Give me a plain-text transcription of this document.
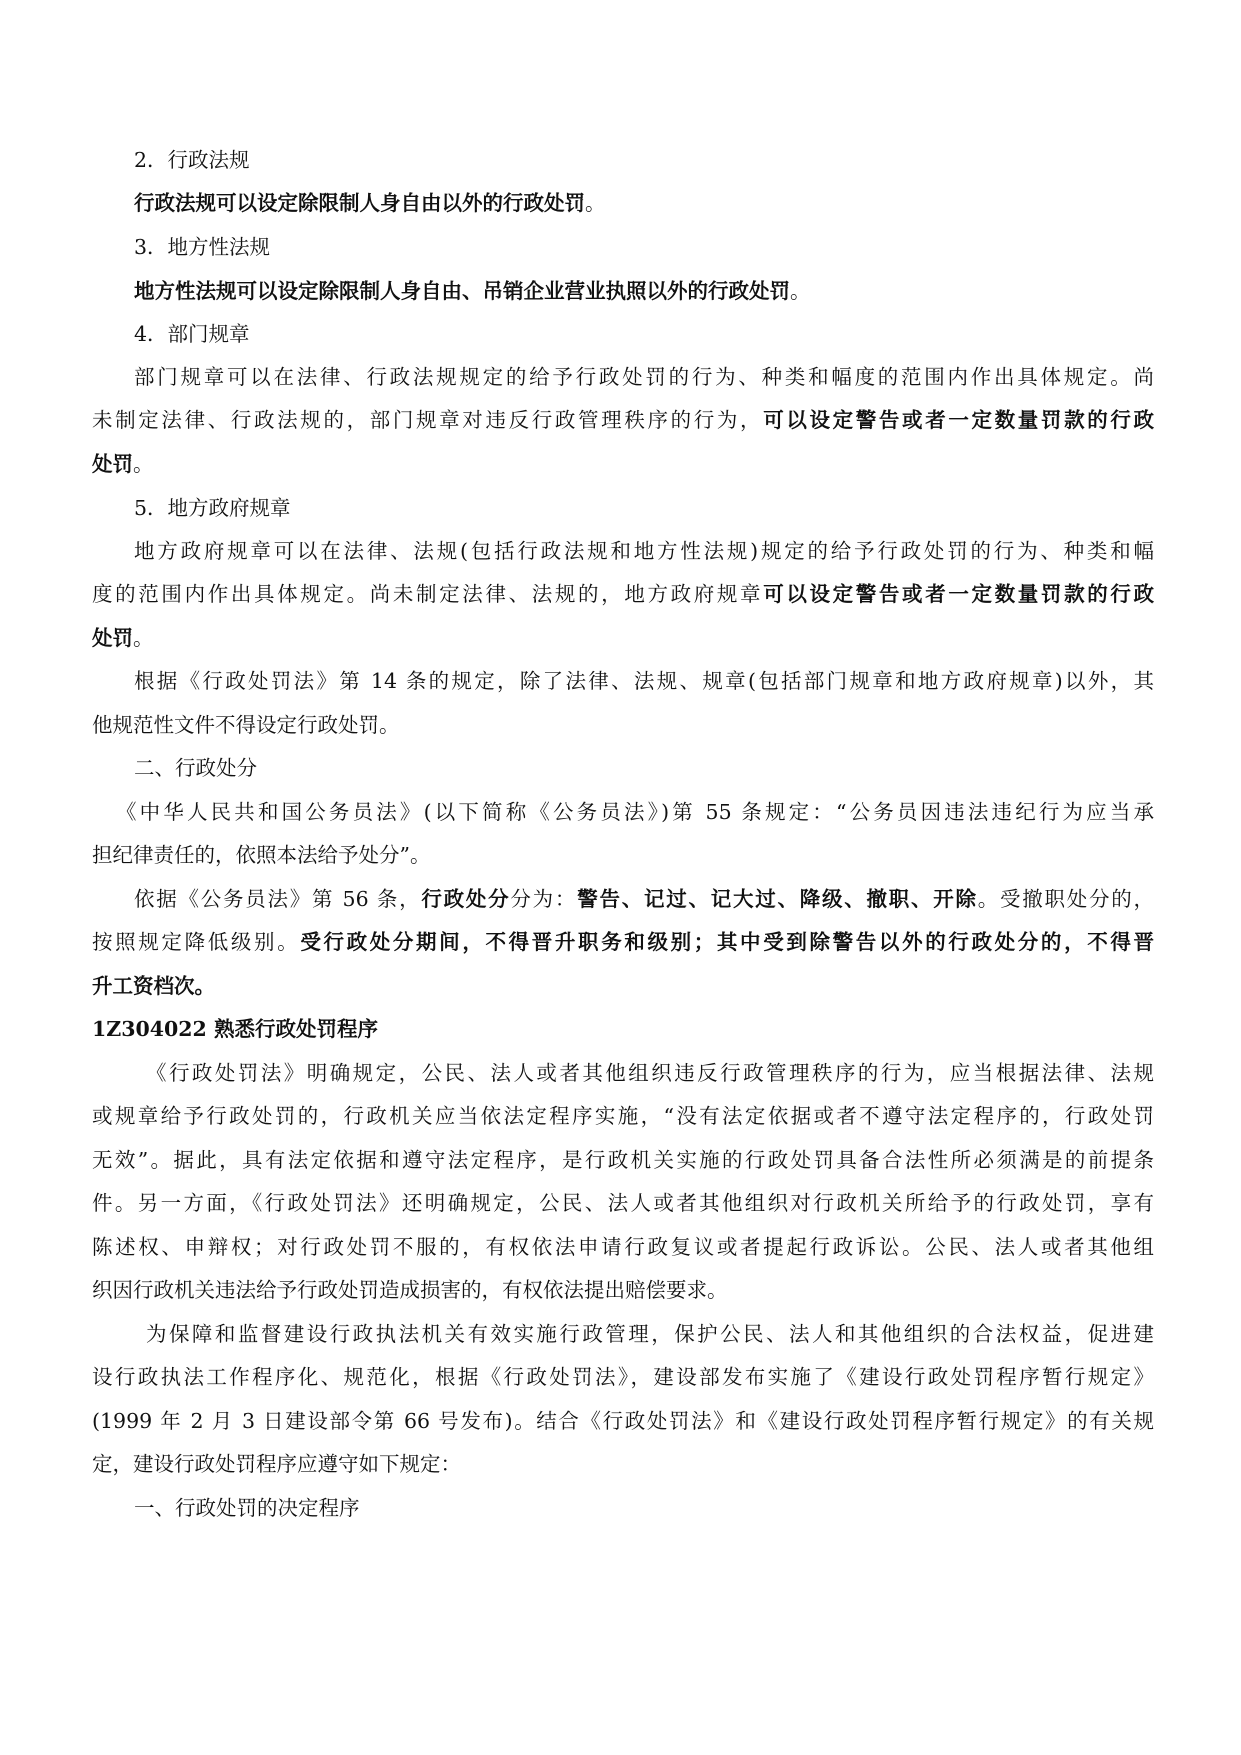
2．行政法规
行政法规可以设定除限制人身自由以外的行政处罚。
3．地方性法规
地方性法规可以设定除限制人身自由、吊销企业营业执照以外的行政处罚。
4．部门规章
部门规章可以在法律、行政法规规定的给予行政处罚的行为、种类和幅度的范围内作出具体规定。尚
未制定法律、行政法规的，部门规章对违反行政管理秩序的行为，可以设定警告或者一定数量罚款的行政
处罚。
5．地方政府规章
地方政府规章可以在法律、法规(包括行政法规和地方性法规)规定的给予行政处罚的行为、种类和幅
度的范围内作出具体规定。尚未制定法律、法规的，地方政府规章可以设定警告或者一定数量罚款的行政
处罚。
根据《行政处罚法》第 14 条的规定，除了法律、法规、规章(包括部门规章和地方政府规章)以外，其
他规范性文件不得设定行政处罚。
二、行政处分
《中华人民共和国公务员法》(以下简称《公务员法》)第 55 条规定：“公务员因违法违纪行为应当承
担纪律责任的，依照本法给予处分”。
依据《公务员法》第 56 条，行政处分分为：警告、记过、记大过、降级、撤职、开除。受撤职处分的，
按照规定降低级别。受行政处分期间，不得晋升职务和级别；其中受到除警告以外的行政处分的，不得晋
升工资档次。
1Z304022 熟悉行政处罚程序
《行政处罚法》明确规定，公民、法人或者其他组织违反行政管理秩序的行为，应当根据法律、法规
或规章给予行政处罚的，行政机关应当依法定程序实施，“没有法定依据或者不遵守法定程序的，行政处罚
无效”。据此，具有法定依据和遵守法定程序，是行政机关实施的行政处罚具备合法性所必须满是的前提条
件。另一方面，《行政处罚法》还明确规定，公民、法人或者其他组织对行政机关所给予的行政处罚，享有
陈述权、申辩权；对行政处罚不服的，有权依法申请行政复议或者提起行政诉讼。公民、法人或者其他组
织因行政机关违法给予行政处罚造成损害的，有权依法提出赔偿要求。
为保障和监督建设行政执法机关有效实施行政管理，保护公民、法人和其他组织的合法权益，促进建
设行政执法工作程序化、规范化，根据《行政处罚法》，建设部发布实施了《建设行政处罚程序暂行规定》
(1999 年 2 月 3 日建设部令第 66 号发布)。结合《行政处罚法》和《建设行政处罚程序暂行规定》的有关规
定，建设行政处罚程序应遵守如下规定：
一、行政处罚的决定程序
